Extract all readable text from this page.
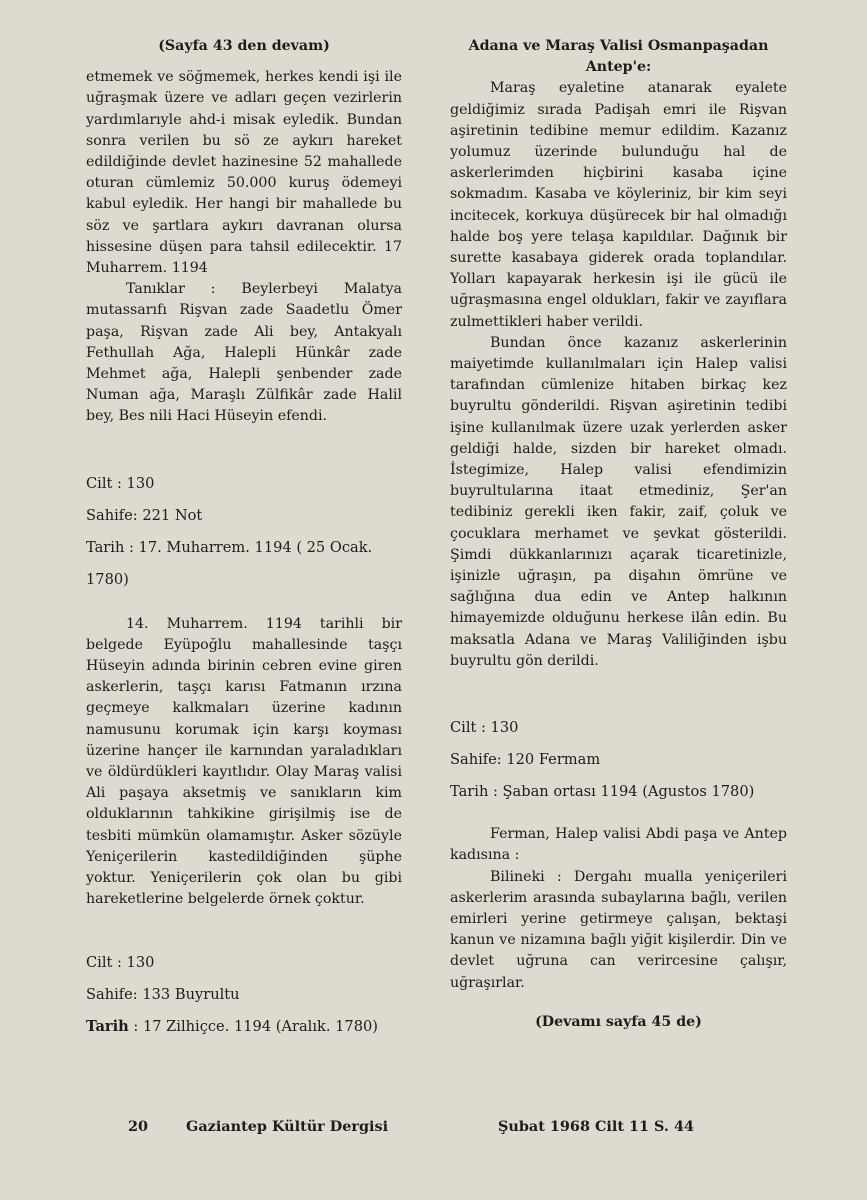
(Sayfa 43 den devam)

etmemek ve söğmemek, herkes kendi işi ile uğraşmak üzere ve adları geçen vezirlerin yardımlarıyle ahd-i misak eyledik. Bundan sonra verilen bu sö ze aykırı hareket edildiğinde devlet hazinesine 52 mahallede oturan cümlemiz 50.000 kuruş ödemeyi kabul eyledik. Her hangi bir mahallede bu söz ve şartlara aykırı davranan olursa hissesine düşen para tahsil edilecektir. 17 Muharrem. 1194

Tanıklar : Beylerbeyi Malatya mutassarıfı Rişvan zade Saadetlu Ömer paşa, Rişvan zade Ali bey, Antakyalı Fethullah Ağa, Halepli Hünkâr zade Mehmet ağa, Halepli şenbender zade Numan ağa, Maraşlı Zülfikâr zade Halil bey, Bes nili Haci Hüseyin efendi.

Cilt : 130
Sahife: 221 Not
Tarih : 17. Muharrem. 1194 ( 25 Ocak. 1780)

14. Muharrem. 1194 tarihli bir belgede Eyüpoğlu mahallesinde taşçı Hüseyin adında birinin cebren evine giren askerlerin, taşçı karısı Fatmanın ırzına geçmeye kalkmaları üzerine kadının namusunu korumak için karşı koyması üzerine hançer ile karnından yaraladıkları ve öldürdükleri kayıtlıdır. Olay Maraş valisi Ali paşaya aksetmiş ve sanıkların kim olduklarının tahkikine girişilmiş ise de tesbiti mümkün olamamıştır. Asker sözüyle Yeniçerilerin kastedildiğinden şüphe yoktur. Yeniçerilerin çok olan bu gibi hareketlerine belgelerde örnek çoktur.

Cilt : 130
Sahife: 133 Buyrultu
Tarih : 17 Zilhiçce. 1194 (Aralık. 1780)

Adana ve Maraş Valisi Osmanpaşadan Antep'e:

Maraş eyaletine atanarak eyalete geldiğimiz sırada Padişah emri ile Rişvan aşiretinin tedibine memur edildim. Kazanız yolumuz üzerinde bulunduğu hal de askerlerimden hiçbirini kasaba içine sokmadım. Kasaba ve köyleriniz, bir kim seyi incitecek, korkuya düşürecek bir hal olmadığı halde boş yere telaşa kapıldılar. Dağınık bir surette kasabaya giderek orada toplandılar. Yolları kapayarak herkesin işi ile gücü ile uğraşmasına engel oldukları, fakir ve zayıflara zulmettikleri haber verildi.

Bundan önce kazanız askerlerinin maiyetimde kullanılmaları için Halep valisi tarafından cümlenize hitaben birkaç kez buyrultu gönderildi. Rişvan aşiretinin tedibi işine kullanılmak üzere uzak yerlerden asker geldiği halde, sizden bir hareket olmadı. İstegimize, Halep valisi efendimizin buyrultularına itaat etmediniz, Şer'an tedibiniz gerekli iken fakir, zaif, çoluk ve çocuklara merhamet ve şevkat gösterildi. Şimdi dükkanlarınızı açarak ticaretinizle, işinizle uğraşın, pa dişahın ömrüne ve sağlığına dua edin ve Antep halkının himayemizde olduğunu herkese ilân edin. Bu maksatla Adana ve Maraş Valiliğinden işbu buyrultu gön derildi.

Cilt : 130
Sahife: 120 Fermam
Tarih : Şaban ortası 1194 (Agustos 1780)

Ferman, Halep valisi Abdi paşa ve Antep kadısına :

Bilineki : Dergahı mualla yeniçerileri askerlerim arasında subaylarına bağlı, verilen emirleri yerine getirmeye çalışan, bektaşi kanun ve nizamına bağlı yiğit kişilerdir. Din ve devlet uğruna can verircesine çalışır, uğraşırlar.

(Devamı sayfa 45 de)

20	Gaziantep Kültür Dergisi	Şubat 1968 Cilt 11 S. 44
